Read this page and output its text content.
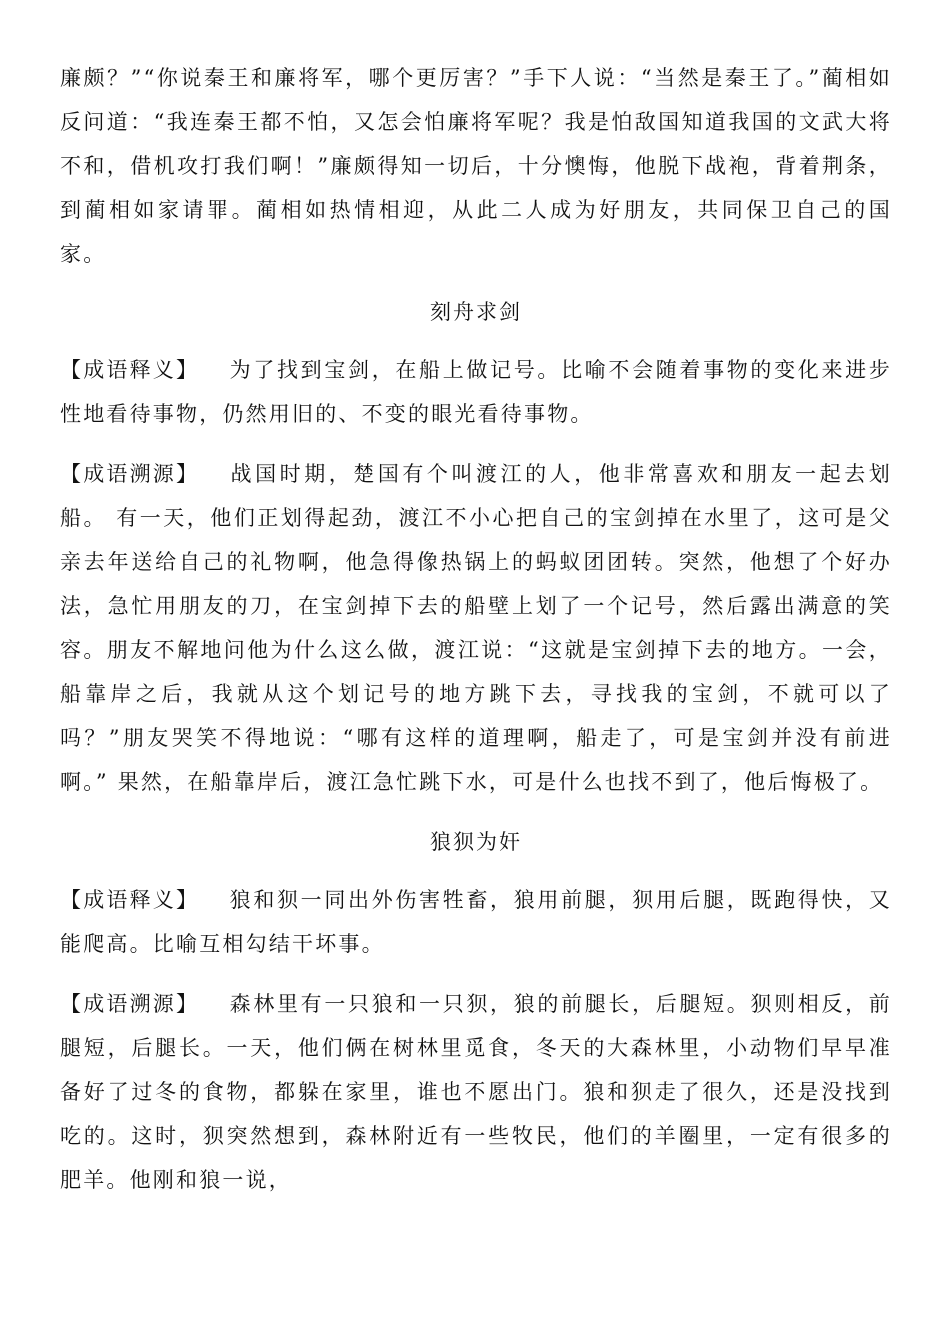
廉颇？”“你说秦王和廉将军，哪个更厉害？”手下人说：“当然是秦王了。”蔺相如反问道：“我连秦王都不怕，又怎会怕廉将军呢？我是怕敌国知道我国的文武大将不和，借机攻打我们啊！”廉颇得知一切后，十分懊悔，他脱下战袍，背着荆条，到蔺相如家请罪。蔺相如热情相迎，从此二人成为好朋友，共同保卫自己的国家。

刻舟求剑

【成语释义】 为了找到宝剑，在船上做记号。比喻不会随着事物的变化来进步性地看待事物，仍然用旧的、不变的眼光看待事物。

【成语溯源】 战国时期，楚国有个叫渡江的人，他非常喜欢和朋友一起去划船。 有一天，他们正划得起劲，渡江不小心把自己的宝剑掉在水里了，这可是父亲去年送给自己的礼物啊，他急得像热锅上的蚂蚁团团转。突然，他想了个好办法，急忙用朋友的刀，在宝剑掉下去的船壁上划了一个记号，然后露出满意的笑容。朋友不解地问他为什么这么做，渡江说：“这就是宝剑掉下去的地方。一会，船靠岸之后，我就从这个划记号的地方跳下去，寻找我的宝剑，不就可以了吗？”朋友哭笑不得地说：“哪有这样的道理啊，船走了，可是宝剑并没有前进啊。” 果然，在船靠岸后，渡江急忙跳下水，可是什么也找不到了，他后悔极了。

狼狈为奸

【成语释义】 狼和狈一同出外伤害牲畜，狼用前腿，狈用后腿，既跑得快，又能爬高。比喻互相勾结干坏事。

【成语溯源】 森林里有一只狼和一只狈，狼的前腿长，后腿短。狈则相反，前腿短，后腿长。一天，他们俩在树林里觅食，冬天的大森林里，小动物们早早准备好了过冬的食物，都躲在家里，谁也不愿出门。狼和狈走了很久，还是没找到吃的。这时，狈突然想到，森林附近有一些牧民，他们的羊圈里，一定有很多的肥羊。他刚和狼一说，
